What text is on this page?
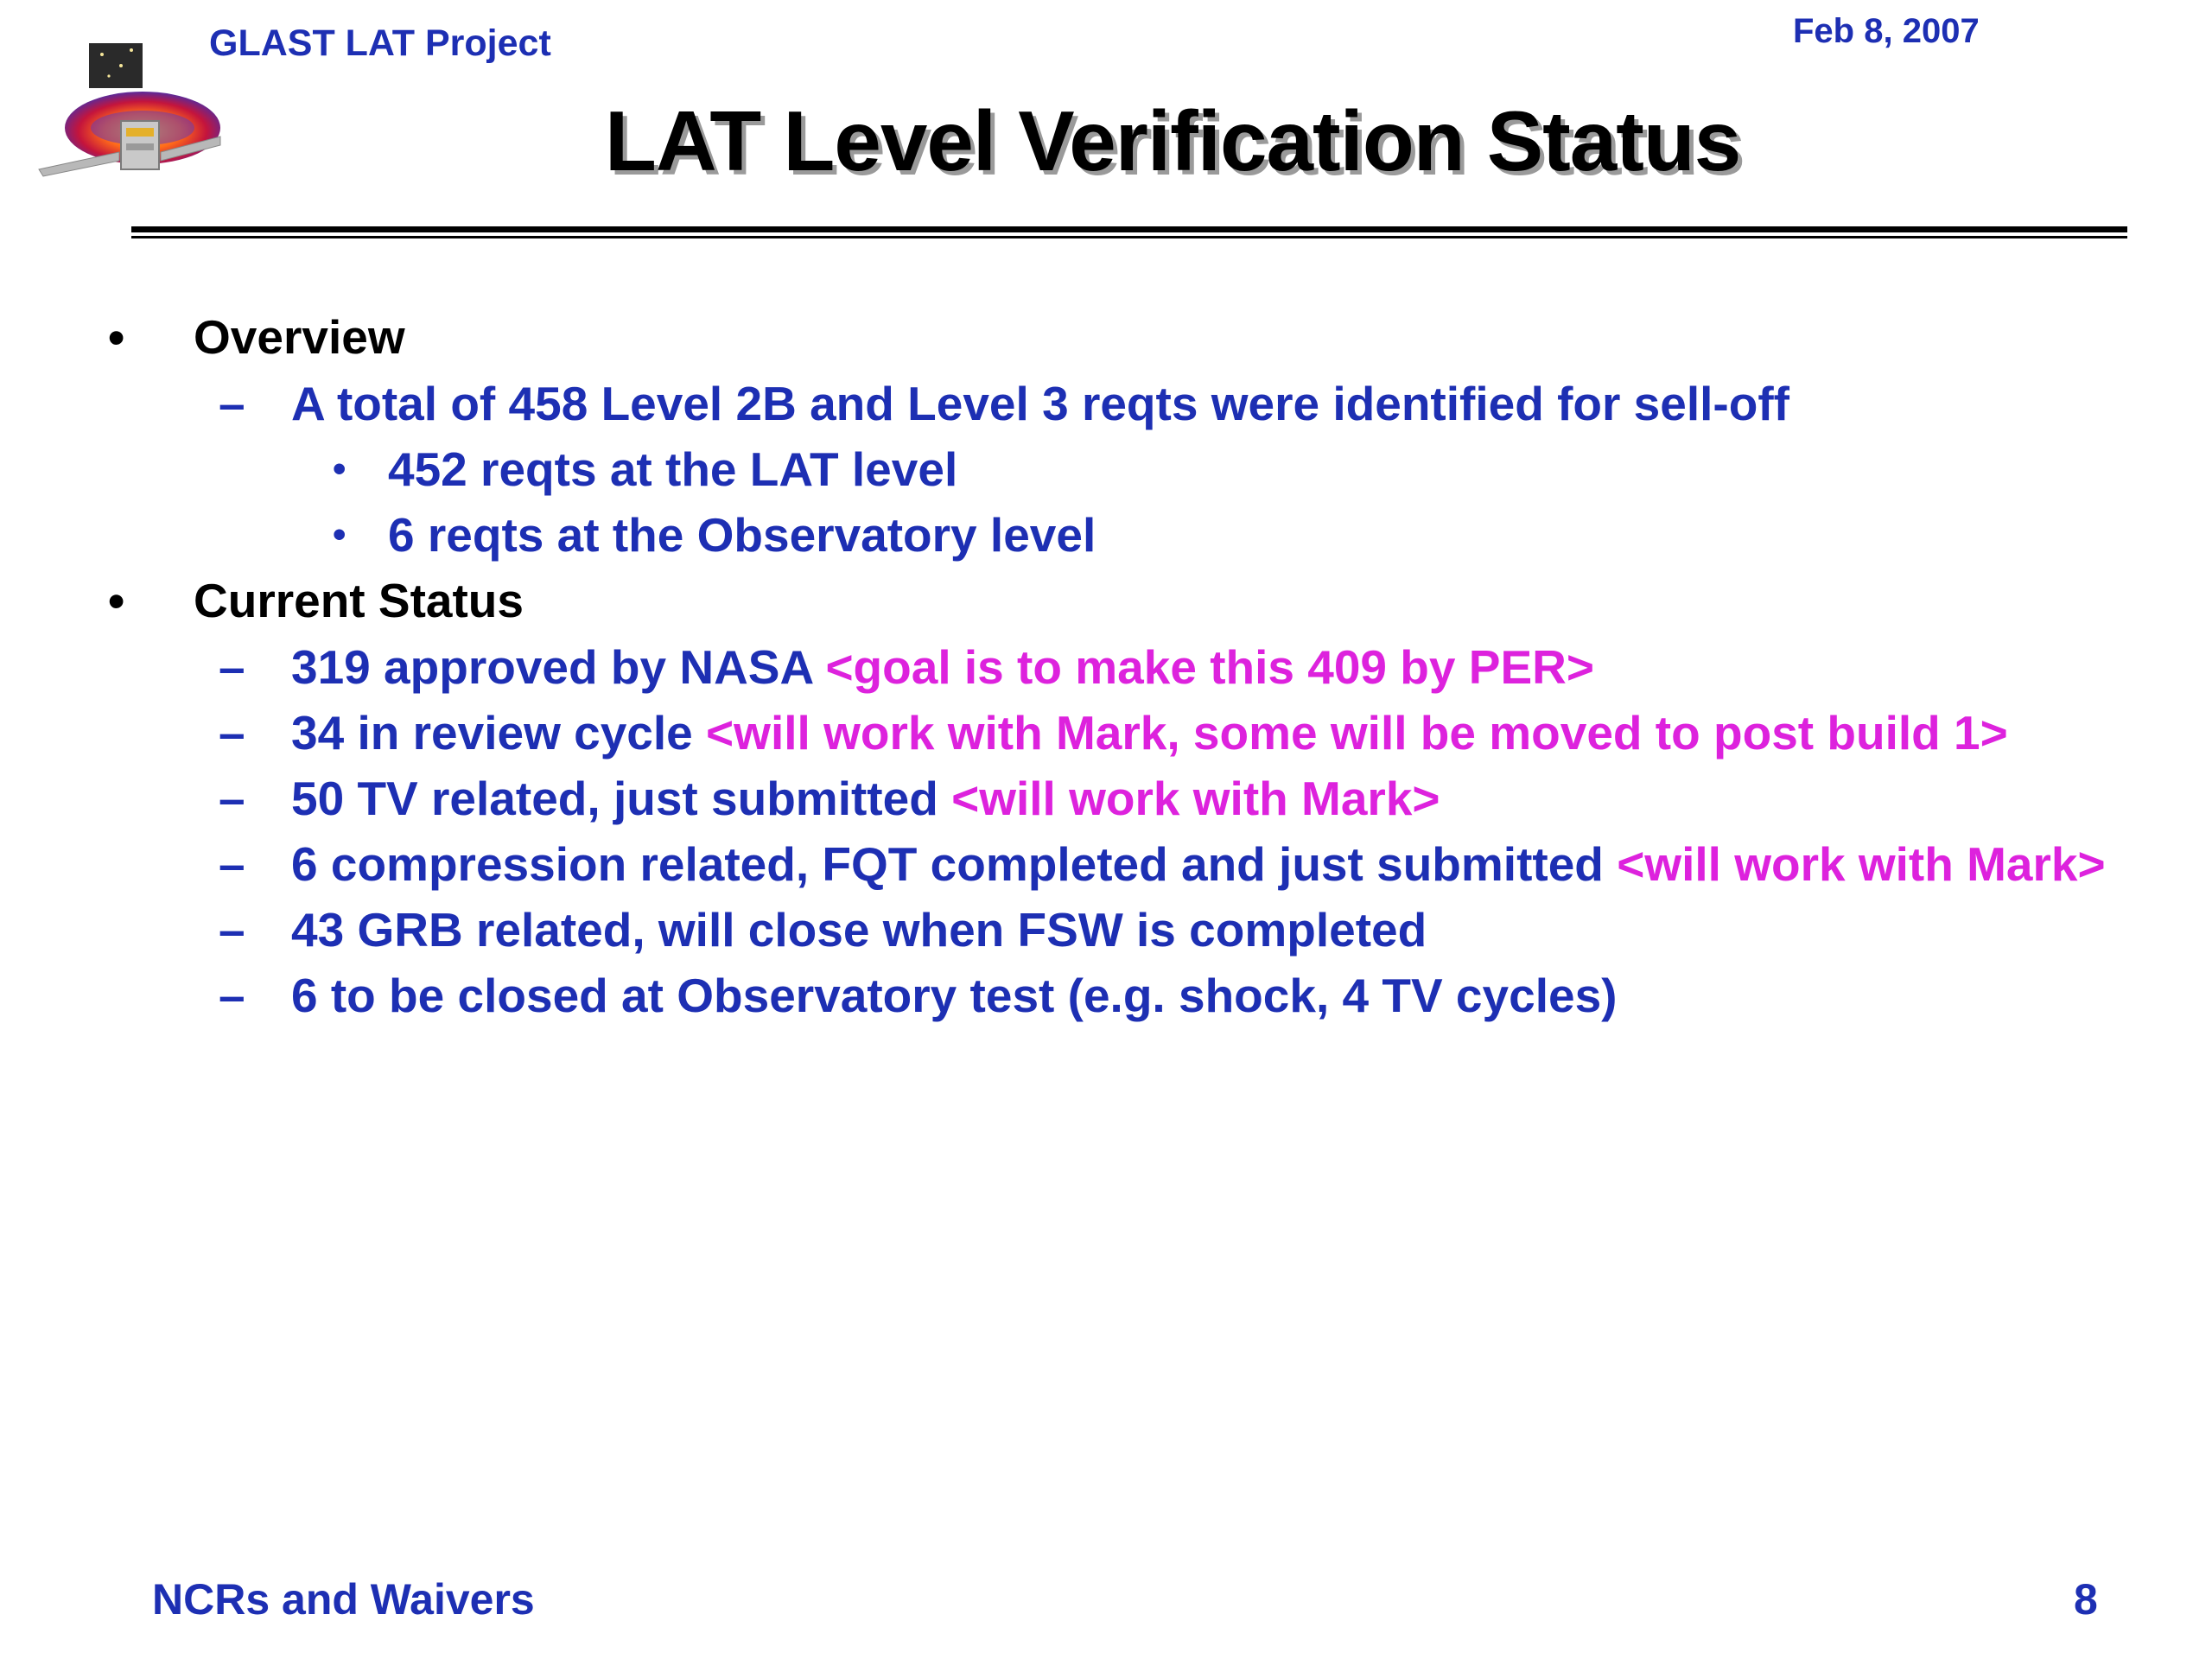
GLAST LAT Project	Feb 8, 2007
LAT Level Verification Status
• Overview
– A total of 458 Level 2B and Level 3 reqts were identified for sell-off
• 452 reqts at the LAT level
• 6 reqts at the Observatory level
• Current Status
– 319 approved by NASA <goal is to make this 409 by PER>
– 34 in review cycle <will work with Mark, some will be moved to post build 1>
– 50 TV related, just submitted <will work with Mark>
– 6 compression related, FQT completed and just submitted <will work with Mark>
– 43 GRB related, will close when FSW is completed
– 6 to be closed at Observatory test (e.g. shock, 4 TV cycles)
NCRs and Waivers	8
